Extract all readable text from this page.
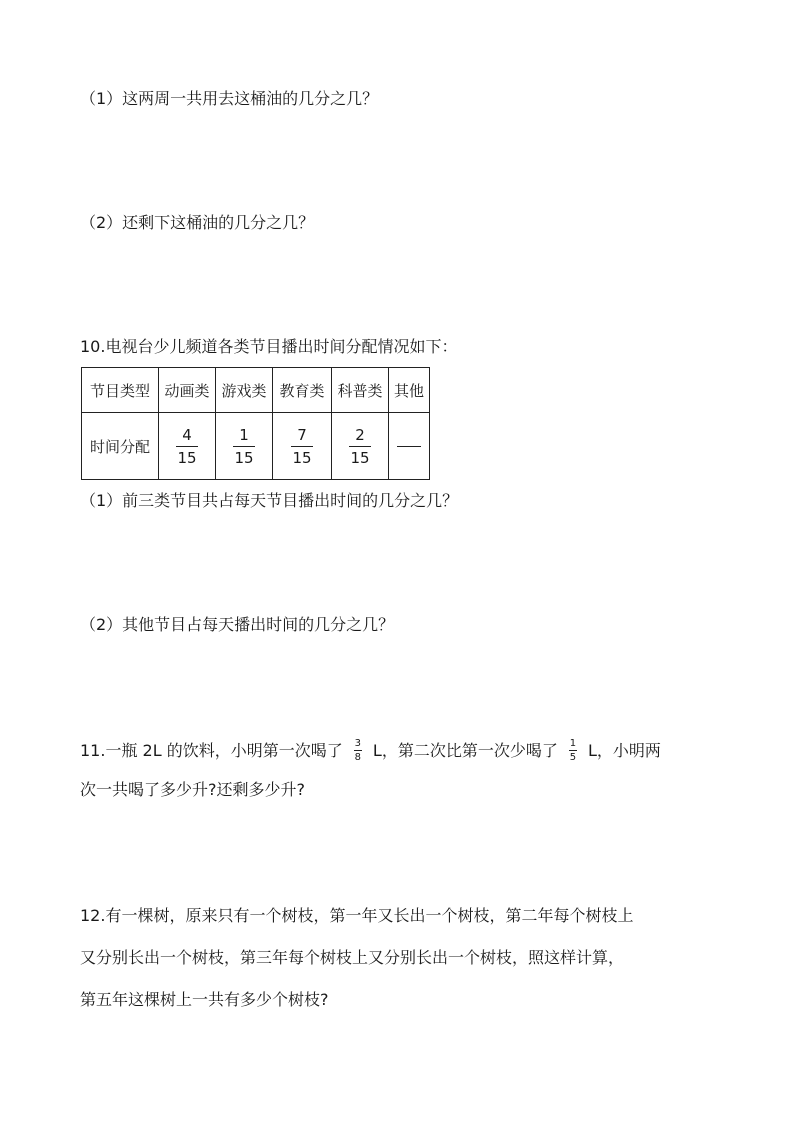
（1）这两周一共用去这桶油的几分之几？
（2）还剩下这桶油的几分之几？
10.电视台少儿频道各类节目播出时间分配情况如下：
节目类型	动画类	游戏类	教育类	科普类	其他
时间分配	$\frac{4}{15}$	$\frac{1}{15}$	$\frac{7}{15}$	$\frac{2}{15}$

（1）前三类节目共占每天节目播出时间的几分之几？
（2）其他节目占每天播出时间的几分之几？
11.一瓶 2L 的饮料，小明第一次喝了 $\frac{3}{8}$ L，第二次比第一次少喝了 $\frac{1}{5}$ L，小明两
次一共喝了多少升?还剩多少升?
12.有一棵树，原来只有一个树枝，第一年又长出一个树枝，第二年每个树枝上
又分别长出一个树枝，第三年每个树枝上又分别长出一个树枝，照这样计算，
第五年这棵树上一共有多少个树枝?
